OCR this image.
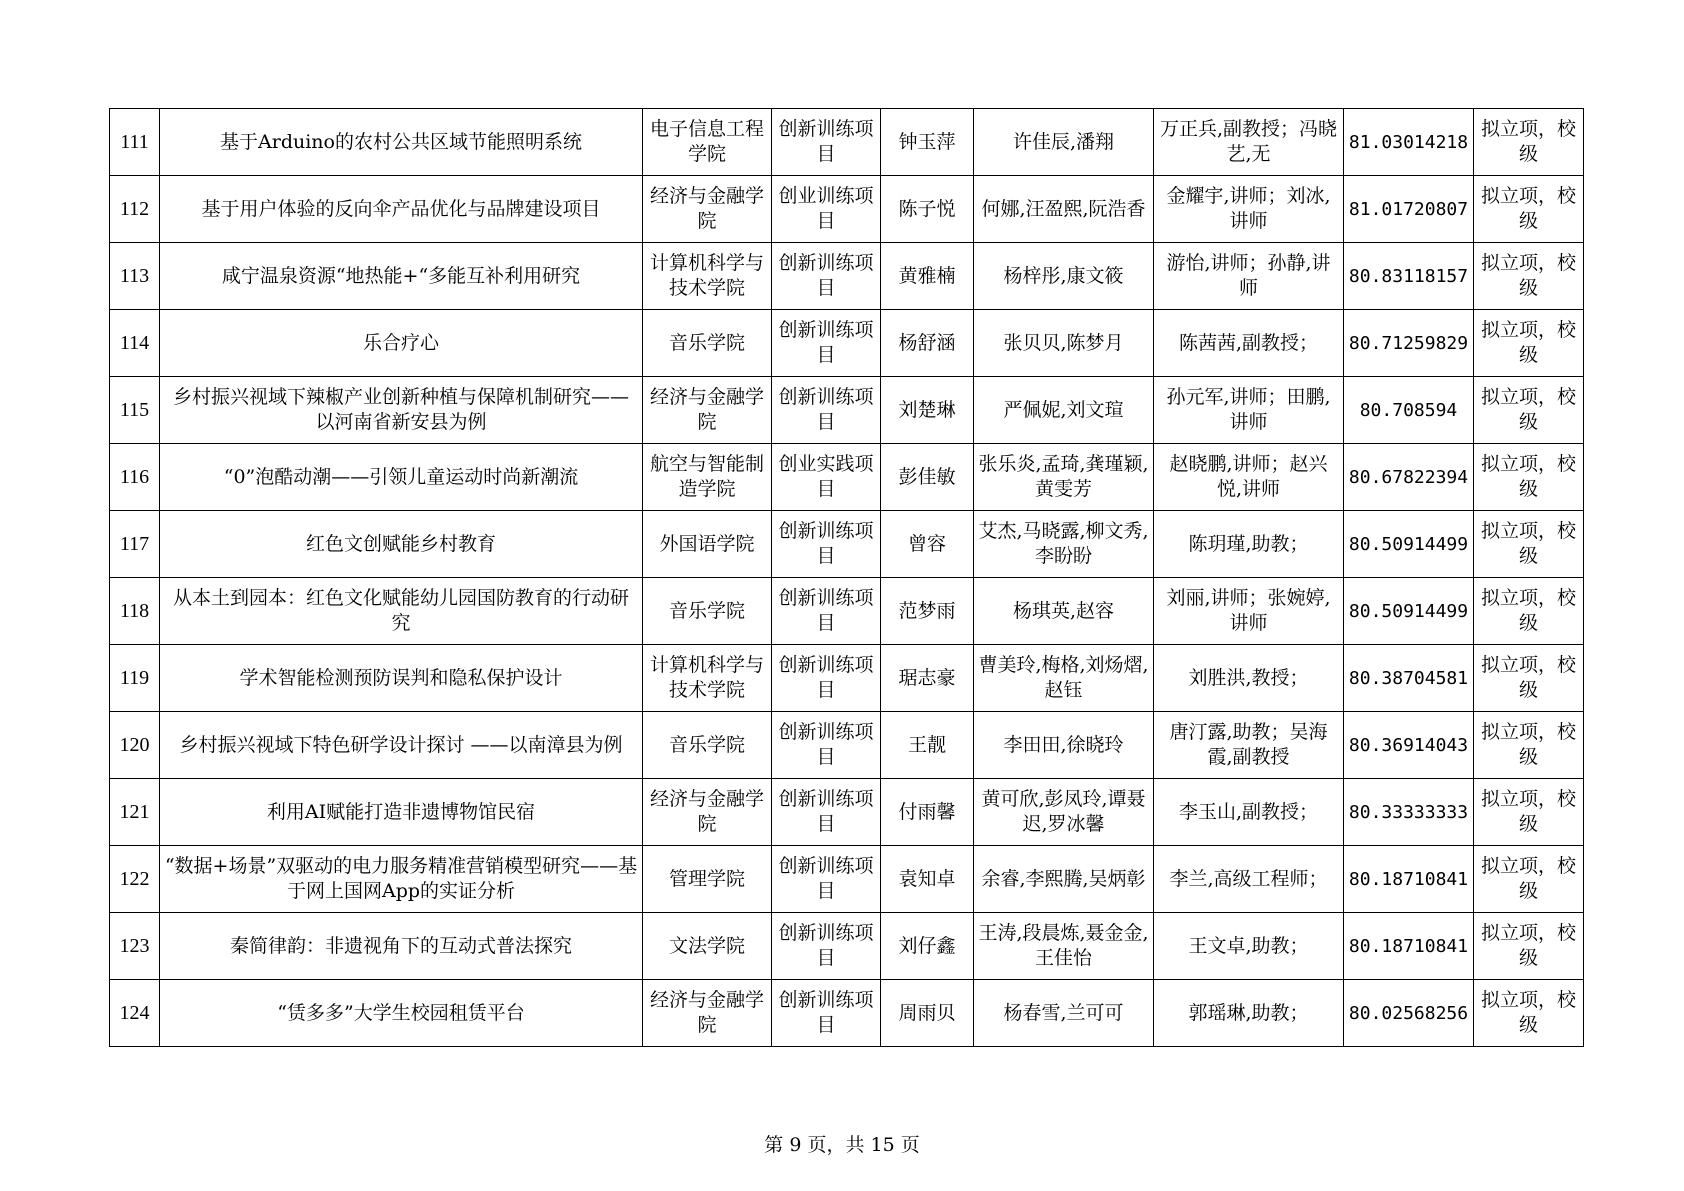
111	基于Arduino的农村公共区域节能照明系统	电子信息工程学院	创新训练项目	钟玉萍	许佳辰,潘翔	万正兵,副教授；冯晓艺,无	81.03014218	拟立项，校级
112	基于用户体验的反向伞产品优化与品牌建设项目	经济与金融学院	创业训练项目	陈子悦	何娜,汪盈熙,阮浩香	金耀宇,讲师；刘冰,讲师	81.01720807	拟立项，校级
113	咸宁温泉资源“地热能+“多能互补利用研究	计算机科学与技术学院	创新训练项目	黄雅楠	杨梓彤,康文筱	游怡,讲师；孙静,讲师	80.83118157	拟立项，校级
114	乐合疗心	音乐学院	创新训练项目	杨舒涵	张贝贝,陈梦月	陈茜茜,副教授；	80.71259829	拟立项，校级
115	乡村振兴视域下辣椒产业创新种植与保障机制研究——以河南省新安县为例	经济与金融学院	创新训练项目	刘楚琳	严佩妮,刘文瑄	孙元军,讲师；田鹏,讲师	80.708594	拟立项，校级
116	“0”泡酷动潮——引领儿童运动时尚新潮流	航空与智能制造学院	创业实践项目	彭佳敏	张乐炎,孟琦,龚瑾颖,黄雯芳	赵晓鹏,讲师；赵兴悦,讲师	80.67822394	拟立项，校级
117	红色文创赋能乡村教育	外国语学院	创新训练项目	曾容	艾杰,马晓露,柳文秀,李盼盼	陈玥瑾,助教；	80.50914499	拟立项，校级
118	从本土到园本：红色文化赋能幼儿园国防教育的行动研究	音乐学院	创新训练项目	范梦雨	杨琪英,赵容	刘丽,讲师；张婉婷,讲师	80.50914499	拟立项，校级
119	学术智能检测预防误判和隐私保护设计	计算机科学与技术学院	创新训练项目	琚志豪	曹美玲,梅格,刘炀熠,赵钰	刘胜洪,教授；	80.38704581	拟立项，校级
120	乡村振兴视域下特色研学设计探讨 ——以南漳县为例	音乐学院	创新训练项目	王靓	李田田,徐晓玲	唐汀露,助教；吴海霞,副教授	80.36914043	拟立项，校级
121	利用AI赋能打造非遗博物馆民宿	经济与金融学院	创新训练项目	付雨馨	黄可欣,彭凤玲,谭聂迟,罗冰馨	李玉山,副教授；	80.33333333	拟立项，校级
122	“数据+场景”双驱动的电力服务精准营销模型研究——基于网上国网App的实证分析	管理学院	创新训练项目	袁知卓	余睿,李熙腾,吴炳彰	李兰,高级工程师；	80.18710841	拟立项，校级
123	秦简律韵：非遗视角下的互动式普法探究	文法学院	创新训练项目	刘仔鑫	王涛,段晨炼,聂金金,王佳怡	王文卓,助教；	80.18710841	拟立项，校级
124	“赁多多”大学生校园租赁平台	经济与金融学院	创新训练项目	周雨贝	杨春雪,兰可可	郭瑶琳,助教；	80.02568256	拟立项，校级
第 9 页，共 15 页
